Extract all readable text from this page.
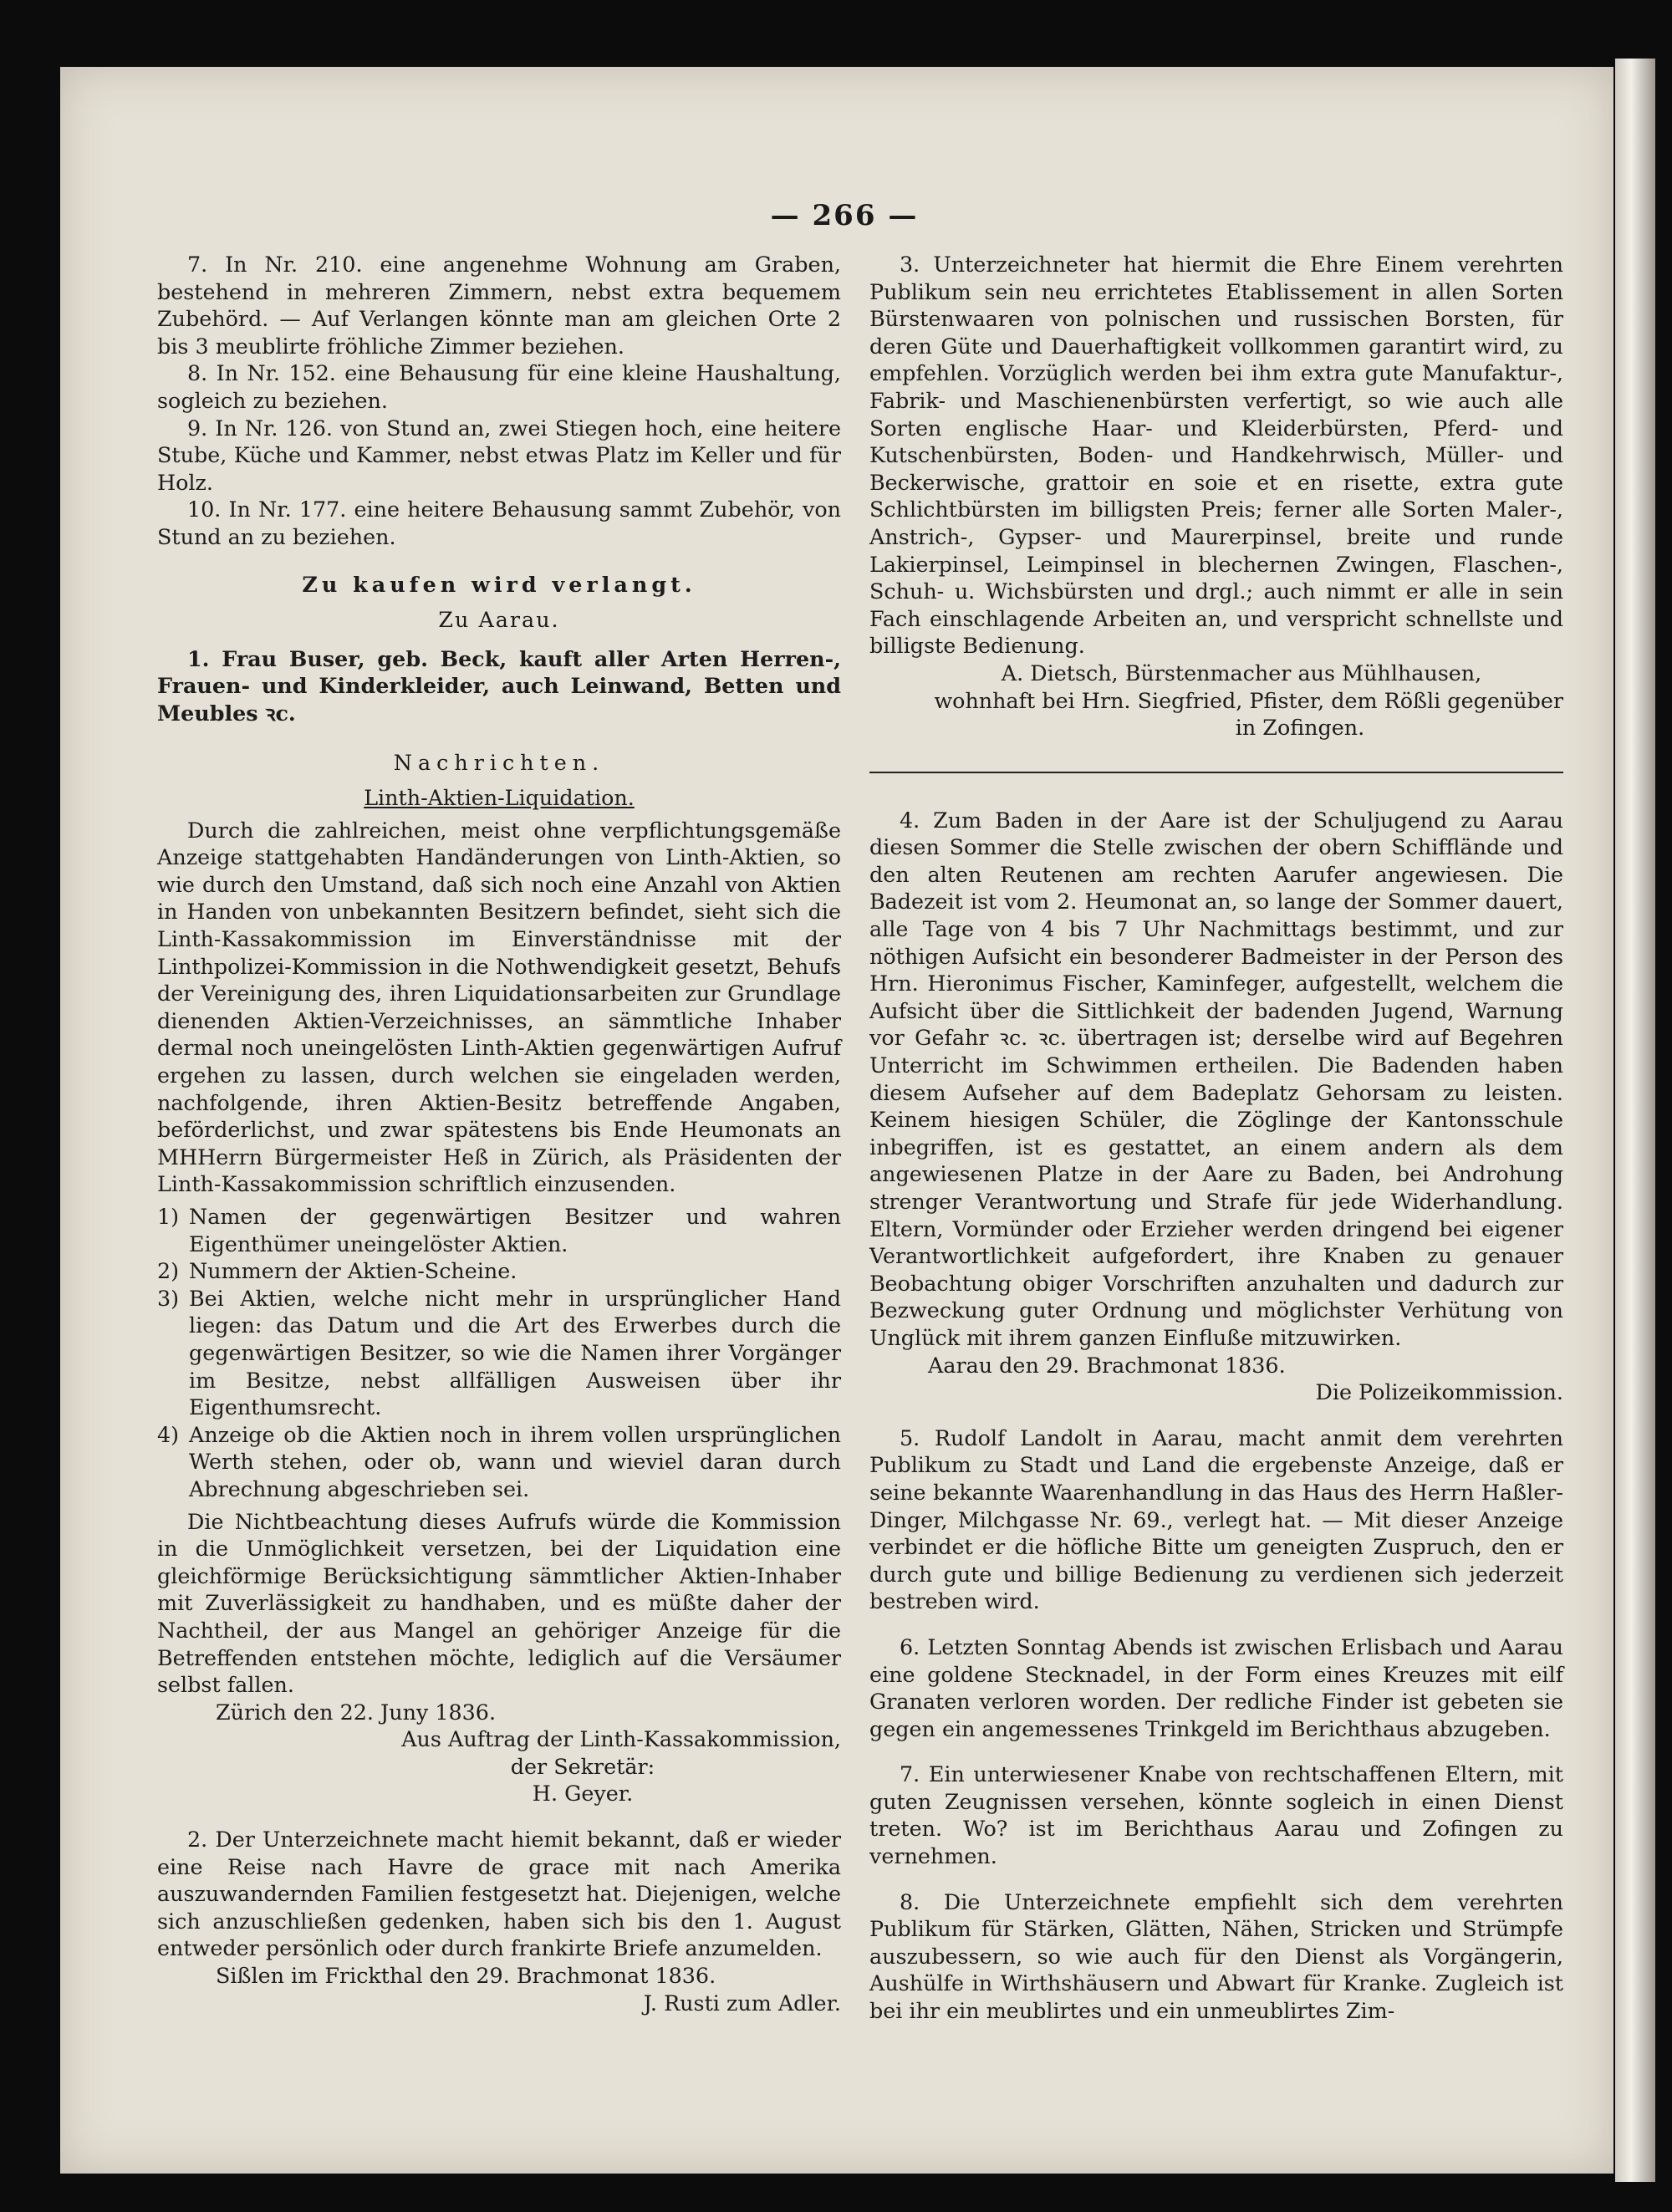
— 266 —

7. In Nr. 210. eine angenehme Wohnung am Graben, bestehend in mehreren Zimmern, nebst extra bequemem Zubehörd. — Auf Verlangen könnte man am gleichen Orte 2 bis 3 meublirte fröhliche Zimmer beziehen.

8. In Nr. 152. eine Behausung für eine kleine Haushaltung, sogleich zu beziehen.

9. In Nr. 126. von Stund an, zwei Stiegen hoch, eine heitere Stube, Küche und Kammer, nebst etwas Platz im Keller und für Holz.

10. In Nr. 177. eine heitere Behausung sammt Zubehör, von Stund an zu beziehen.

Zu kaufen wird verlangt.

Zu Aarau.

1. Frau Buser, geb. Beck, kauft aller Arten Herren-, Frauen- und Kinderkleider, auch Leinwand, Betten und Meubles ꝛc.

Nachrichten.

Linth-Aktien-Liquidation.

Durch die zahlreichen, meist ohne verpflichtungsgemäße Anzeige stattgehabten Handänderungen von Linth-Aktien, so wie durch den Umstand, daß sich noch eine Anzahl von Aktien in Handen von unbekannten Besitzern befindet, sieht sich die Linth-Kassakommission im Einverständnisse mit der Linthpolizei-Kommission in die Nothwendigkeit gesetzt, Behufs der Vereinigung des, ihren Liquidationsarbeiten zur Grundlage dienenden Aktien-Verzeichnisses, an sämmtliche Inhaber dermal noch uneingelösten Linth-Aktien gegenwärtigen Aufruf ergehen zu lassen, durch welchen sie eingeladen werden, nachfolgende, ihren Aktien-Besitz betreffende Angaben, beförderlichst, und zwar spätestens bis Ende Heumonats an MHHerrn Bürgermeister Heß in Zürich, als Präsidenten der Linth-Kassakommission schriftlich einzusenden.

1) Namen der gegenwärtigen Besitzer und wahren Eigenthümer uneingelöster Aktien.
2) Nummern der Aktien-Scheine.
3) Bei Aktien, welche nicht mehr in ursprünglicher Hand liegen: das Datum und die Art des Erwerbes durch die gegenwärtigen Besitzer, so wie die Namen ihrer Vorgänger im Besitze, nebst allfälligen Ausweisen über ihr Eigenthumsrecht.
4) Anzeige ob die Aktien noch in ihrem vollen ursprünglichen Werth stehen, oder ob, wann und wieviel daran durch Abrechnung abgeschrieben sei.

Die Nichtbeachtung dieses Aufrufs würde die Kommission in die Unmöglichkeit versetzen, bei der Liquidation eine gleichförmige Berücksichtigung sämmtlicher Aktien-Inhaber mit Zuverlässigkeit zu handhaben, und es müßte daher der Nachtheil, der aus Mangel an gehöriger Anzeige für die Betreffenden entstehen möchte, lediglich auf die Versäumer selbst fallen.

Zürich den 22. Juny 1836.

Aus Auftrag der Linth-Kassakommission,

der Sekretär:

H. Geyer.

2. Der Unterzeichnete macht hiemit bekannt, daß er wieder eine Reise nach Havre de grace mit nach Amerika auszuwandernden Familien festgesetzt hat. Diejenigen, welche sich anzuschließen gedenken, haben sich bis den 1. August entweder persönlich oder durch frankirte Briefe anzumelden.

Sißlen im Frickthal den 29. Brachmonat 1836.

J. Rusti zum Adler.

3. Unterzeichneter hat hiermit die Ehre Einem verehrten Publikum sein neu errichtetes Etablissement in allen Sorten Bürstenwaaren von polnischen und russischen Borsten, für deren Güte und Dauerhaftigkeit vollkommen garantirt wird, zu empfehlen. Vorzüglich werden bei ihm extra gute Manufaktur-, Fabrik- und Maschienenbürsten verfertigt, so wie auch alle Sorten englische Haar- und Kleiderbürsten, Pferd- und Kutschenbürsten, Boden- und Handkehrwisch, Müller- und Beckerwische, grattoir en soie et en risette, extra gute Schlichtbürsten im billigsten Preis; ferner alle Sorten Maler-, Anstrich-, Gypser- und Maurerpinsel, breite und runde Lakierpinsel, Leimpinsel in blechernen Zwingen, Flaschen-, Schuh- u. Wichsbürsten und drgl.; auch nimmt er alle in sein Fach einschlagende Arbeiten an, und verspricht schnellste und billigste Bedienung.

A. Dietsch, Bürstenmacher aus Mühlhausen,

wohnhaft bei Hrn. Siegfried, Pfister, dem Rößli gegenüber

in Zofingen.

4. Zum Baden in der Aare ist der Schuljugend zu Aarau diesen Sommer die Stelle zwischen der obern Schifflände und den alten Reutenen am rechten Aarufer angewiesen. Die Badezeit ist vom 2. Heumonat an, so lange der Sommer dauert, alle Tage von 4 bis 7 Uhr Nachmittags bestimmt, und zur nöthigen Aufsicht ein besonderer Badmeister in der Person des Hrn. Hieronimus Fischer, Kaminfeger, aufgestellt, welchem die Aufsicht über die Sittlichkeit der badenden Jugend, Warnung vor Gefahr ꝛc. ꝛc. übertragen ist; derselbe wird auf Begehren Unterricht im Schwimmen ertheilen. Die Badenden haben diesem Aufseher auf dem Badeplatz Gehorsam zu leisten. Keinem hiesigen Schüler, die Zöglinge der Kantonsschule inbegriffen, ist es gestattet, an einem andern als dem angewiesenen Platze in der Aare zu Baden, bei Androhung strenger Verantwortung und Strafe für jede Widerhandlung. Eltern, Vormünder oder Erzieher werden dringend bei eigener Verantwortlichkeit aufgefordert, ihre Knaben zu genauer Beobachtung obiger Vorschriften anzuhalten und dadurch zur Bezweckung guter Ordnung und möglichster Verhütung von Unglück mit ihrem ganzen Einfluße mitzuwirken.

Aarau den 29. Brachmonat 1836.

Die Polizeikommission.

5. Rudolf Landolt in Aarau, macht anmit dem verehrten Publikum zu Stadt und Land die ergebenste Anzeige, daß er seine bekannte Waarenhandlung in das Haus des Herrn Haßler-Dinger, Milchgasse Nr. 69., verlegt hat. — Mit dieser Anzeige verbindet er die höfliche Bitte um geneigten Zuspruch, den er durch gute und billige Bedienung zu verdienen sich jederzeit bestreben wird.

6. Letzten Sonntag Abends ist zwischen Erlisbach und Aarau eine goldene Stecknadel, in der Form eines Kreuzes mit eilf Granaten verloren worden. Der redliche Finder ist gebeten sie gegen ein angemessenes Trinkgeld im Berichthaus abzugeben.

7. Ein unterwiesener Knabe von rechtschaffenen Eltern, mit guten Zeugnissen versehen, könnte sogleich in einen Dienst treten. Wo? ist im Berichthaus Aarau und Zofingen zu vernehmen.

8. Die Unterzeichnete empfiehlt sich dem verehrten Publikum für Stärken, Glätten, Nähen, Stricken und Strümpfe auszubessern, so wie auch für den Dienst als Vorgängerin, Aushülfe in Wirthshäusern und Abwart für Kranke. Zugleich ist bei ihr ein meublirtes und ein unmeublirtes Zim-
